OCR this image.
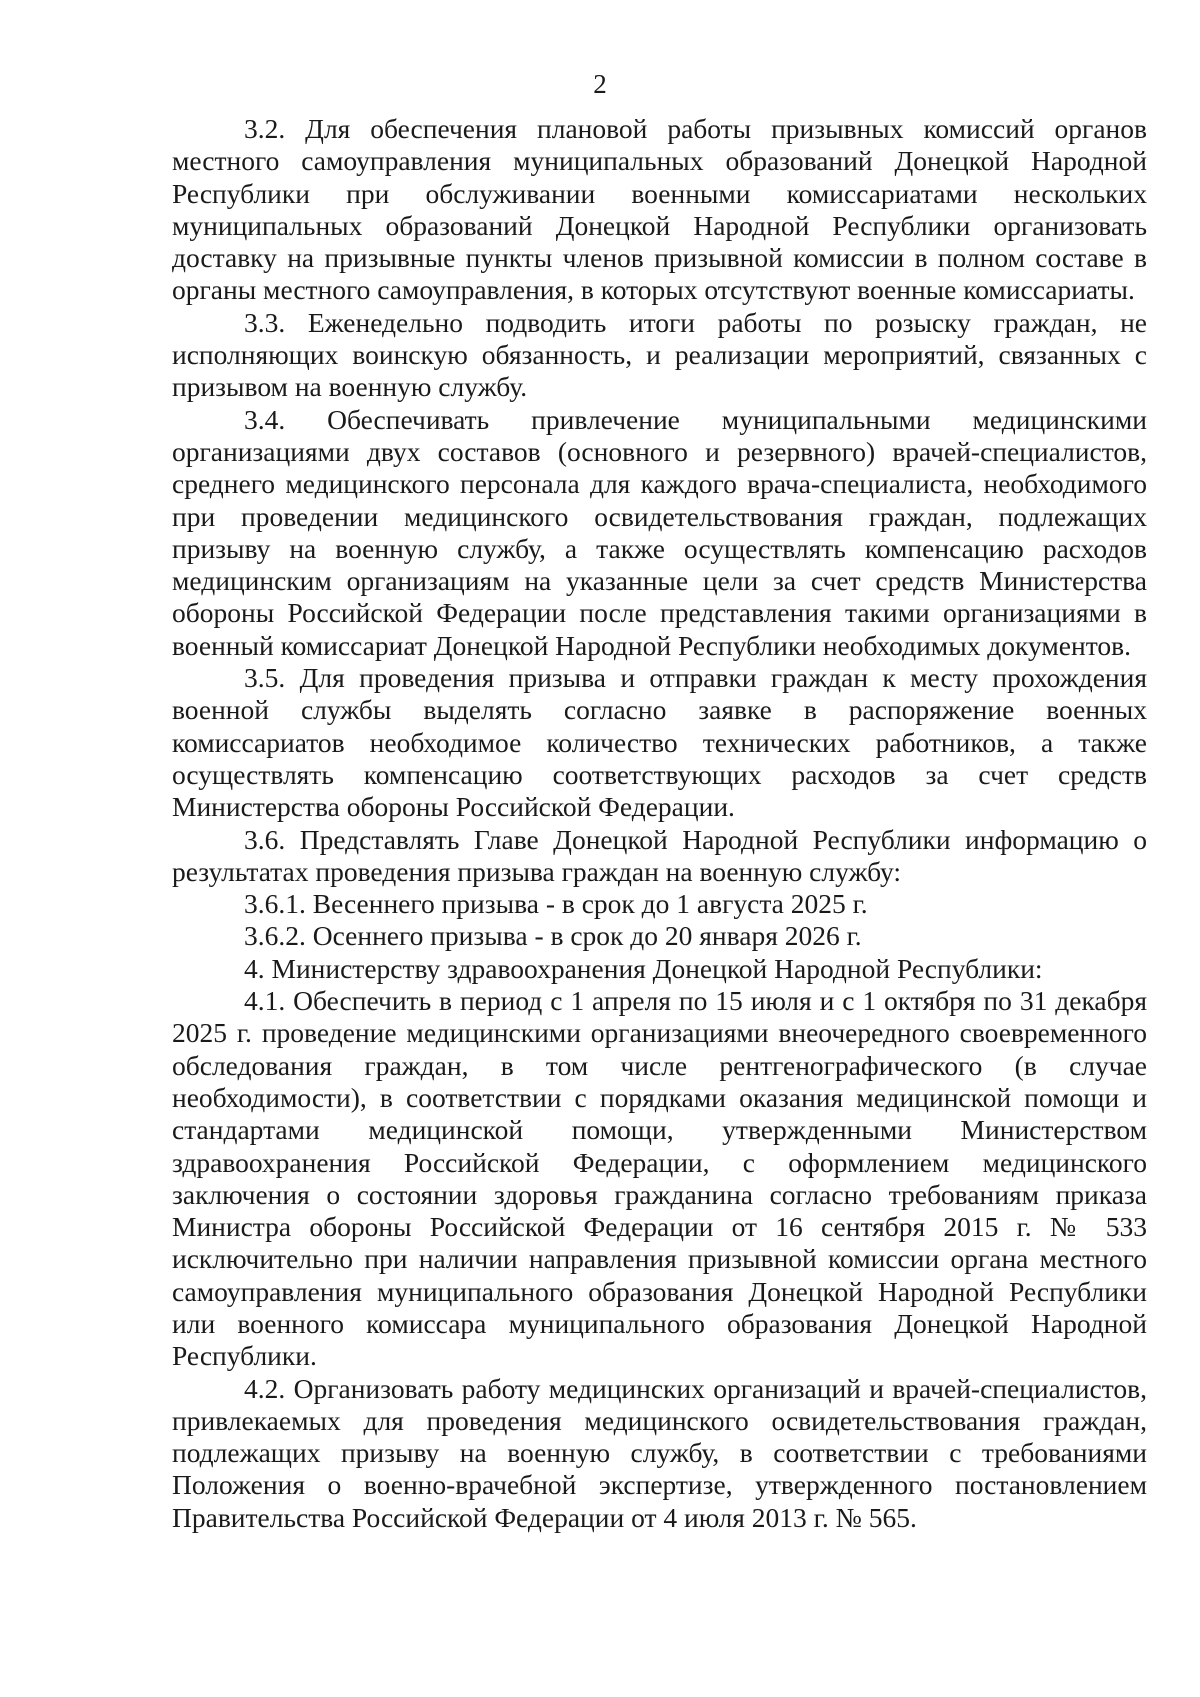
2

3.2. Для обеспечения плановой работы призывных комиссий органов местного самоуправления муниципальных образований Донецкой Народной Республики при обслуживании военными комиссариатами нескольких муниципальных образований Донецкой Народной Республики организовать доставку на призывные пункты членов призывной комиссии в полном составе в органы местного самоуправления, в которых отсутствуют военные комиссариаты.

3.3. Еженедельно подводить итоги работы по розыску граждан, не исполняющих воинскую обязанность, и реализации мероприятий, связанных с призывом на военную службу.

3.4. Обеспечивать привлечение муниципальными медицинскими организациями двух составов (основного и резервного) врачей-специалистов, среднего медицинского персонала для каждого врача-специалиста, необходимого при проведении медицинского освидетельствования граждан, подлежащих призыву на военную службу, а также осуществлять компенсацию расходов медицинским организациям на указанные цели за счет средств Министерства обороны Российской Федерации после представления такими организациями в военный комиссариат Донецкой Народной Республики необходимых документов.

3.5. Для проведения призыва и отправки граждан к месту прохождения военной службы выделять согласно заявке в распоряжение военных комиссариатов необходимое количество технических работников, а также осуществлять компенсацию соответствующих расходов за счет средств Министерства обороны Российской Федерации.

3.6. Представлять Главе Донецкой Народной Республики информацию о результатах проведения призыва граждан на военную службу:

3.6.1. Весеннего призыва - в срок до 1 августа 2025 г.

3.6.2. Осеннего призыва - в срок до 20 января 2026 г.

4. Министерству здравоохранения Донецкой Народной Республики:

4.1. Обеспечить в период с 1 апреля по 15 июля и с 1 октября по 31 декабря 2025 г. проведение медицинскими организациями внеочередного своевременного обследования граждан, в том числе рентгенографического (в случае необходимости), в соответствии с порядками оказания медицинской помощи и стандартами медицинской помощи, утвержденными Министерством здравоохранения Российской Федерации, с оформлением медицинского заключения о состоянии здоровья гражданина согласно требованиям приказа Министра обороны Российской Федерации от 16 сентября 2015 г. № 533 исключительно при наличии направления призывной комиссии органа местного самоуправления муниципального образования Донецкой Народной Республики или военного комиссара муниципального образования Донецкой Народной Республики.

4.2. Организовать работу медицинских организаций и врачей-специалистов, привлекаемых для проведения медицинского освидетельствования граждан, подлежащих призыву на военную службу, в соответствии с требованиями Положения о военно-врачебной экспертизе, утвержденного постановлением Правительства Российской Федерации от 4 июля 2013 г. № 565.
